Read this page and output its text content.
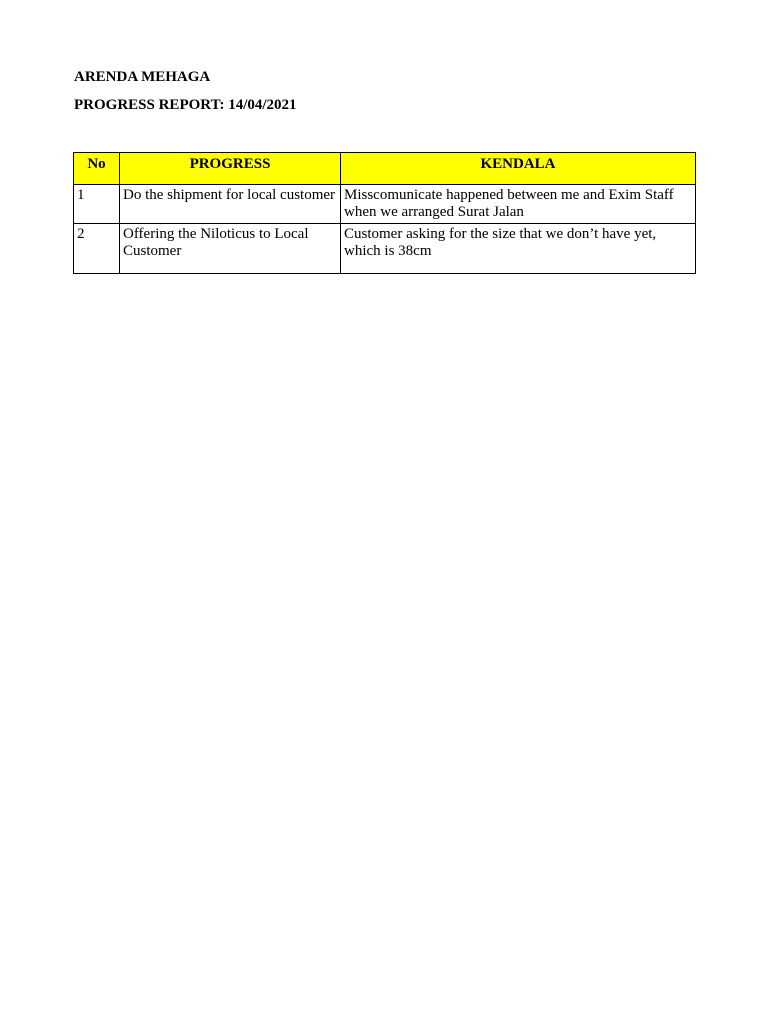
ARENDA MEHAGA
PROGRESS REPORT: 14/04/2021
No	PROGRESS	KENDALA
1	Do the shipment for local customer	Misscomunicate happened between me and Exim Staff when we arranged Surat Jalan
2	Offering the Niloticus to Local Customer	Customer asking for the size that we don’t have yet, which is 38cm
